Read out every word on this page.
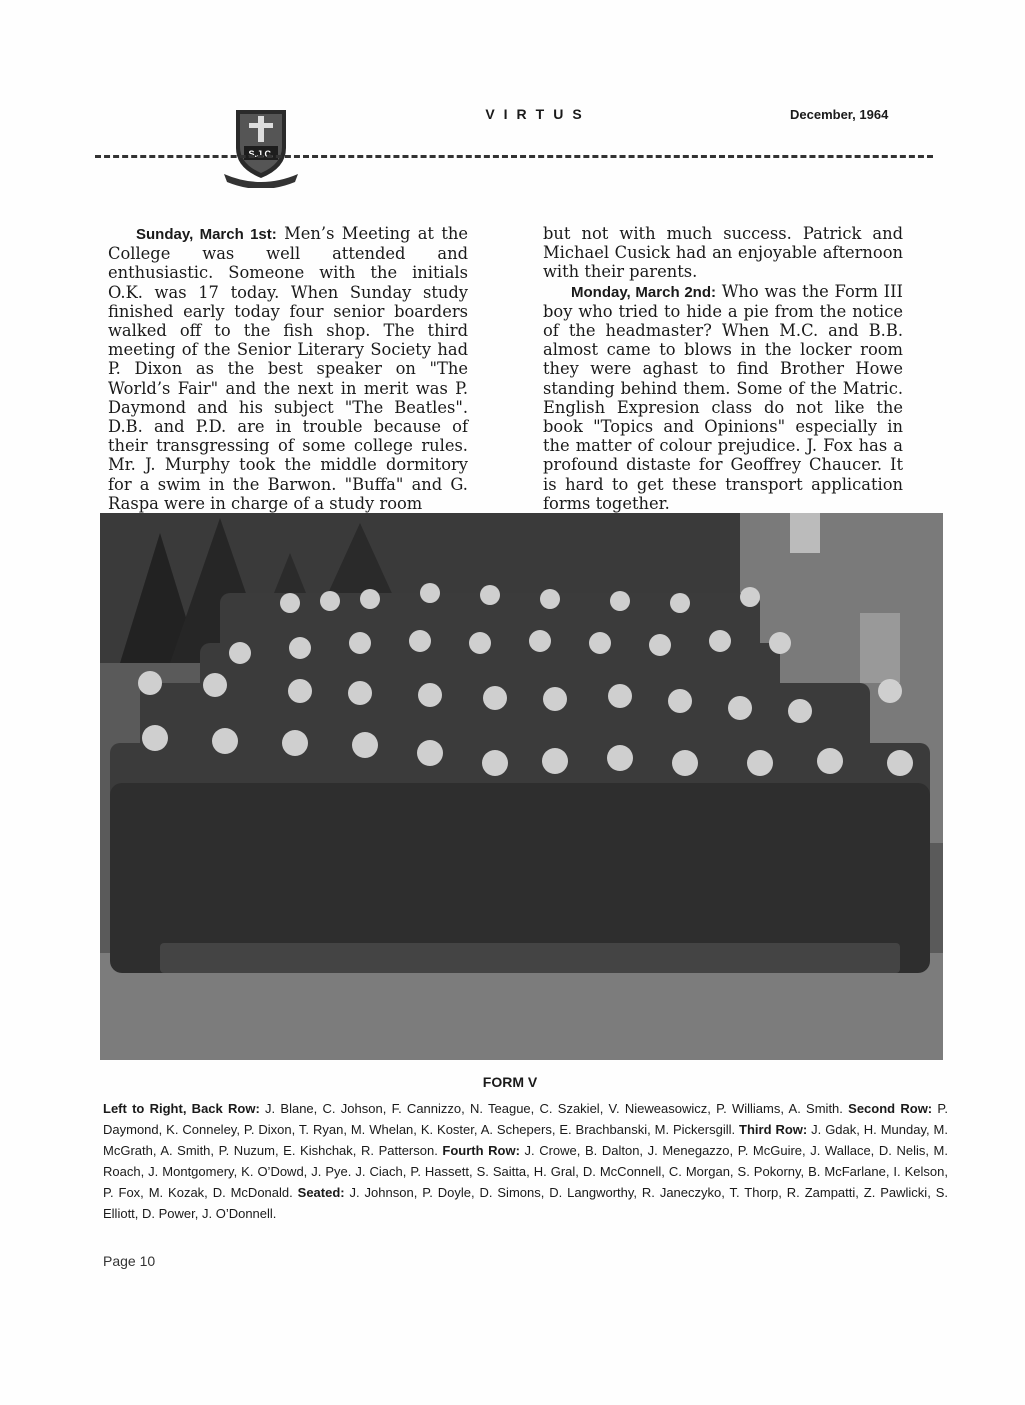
S.J.C.
VIRTUS	December, 1964

Sunday, March 1st: Men’s Meeting at the College was well attended and enthusiastic. Someone with the initials O.K. was 17 today. When Sunday study finished early today four senior boarders walked off to the fish shop. The third meeting of the Senior Literary Society had P. Dixon as the best speaker on "The World’s Fair" and the next in merit was P. Daymond and his subject "The Beatles". D.B. and P.D. are in trouble because of their transgressing of some college rules. Mr. J. Murphy took the middle dormitory for a swim in the Barwon. "Buffa" and G. Raspa were in charge of a study room

but not with much success. Patrick and Michael Cusick had an enjoyable afternoon with their parents.

Monday, March 2nd: Who was the Form III boy who tried to hide a pie from the notice of the headmaster? When M.C. and B.B. almost came to blows in the locker room they were aghast to find Brother Howe standing behind them. Some of the Matric. English Expresion class do not like the book "Topics and Opinions" especially in the matter of colour prejudice. J. Fox has a profound distaste for Geoffrey Chaucer. It is hard to get these transport application forms together.

FORM V
Left to Right, Back Row: J. Blane, C. Johson, F. Cannizzo, N. Teague, C. Szakiel, V. Nieweasowicz, P. Williams, A. Smith. Second Row: P. Daymond, K. Conneley, P. Dixon, T. Ryan, M. Whelan, K. Koster, A. Schepers, E. Brachbanski, M. Pickersgill. Third Row: J. Gdak, H. Munday, M. McGrath, A. Smith, P. Nuzum, E. Kishchak, R. Patterson. Fourth Row: J. Crowe, B. Dalton, J. Menegazzo, P. McGuire, J. Wallace, D. Nelis, M. Roach, J. Montgomery, K. O’Dowd, J. Pye. J. Ciach, P. Hassett, S. Saitta, H. Gral, D. McConnell, C. Morgan, S. Pokorny, B. McFarlane, I. Kelson, P. Fox, M. Kozak, D. McDonald. Seated: J. Johnson, P. Doyle, D. Simons, D. Langworthy, R. Janeczyko, T. Thorp, R. Zampatti, Z. Pawlicki, S. Elliott, D. Power, J. O’Donnell.
Page 10
